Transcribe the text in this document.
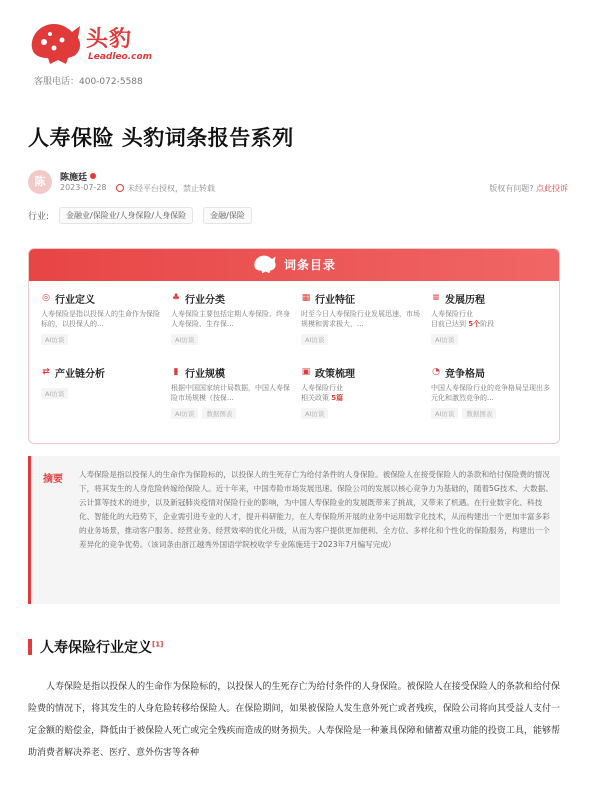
头豹
Leadleo.com
客服电话：400-072-5588
人寿保险 头豹词条报告系列
陈	陈施廷
2023-07-28	未经平台授权，禁止转载	版权有问题? 点此投诉
行业:	金融业/保险业/人身保险/人身保险	金融/保险
词条目录
◎ 行业定义
人寿保险是指以投保人的生命作为保险标的，以投保人的...
AI访谈
♣ 行业分类
人寿保险主要包括定期人寿保险、终身人寿保险、生存保...
AI访谈
▦ 行业特征
时至今日人寿保险行业发展迅速，市场规模和需求极大，...
AI访谈
≡ 发展历程
人寿保险行业
目前已达到 5个阶段
AI访谈
⇄ 产业链分析
AI访谈
▮ 行业规模
根据中国国家统计局数据，中国人寿保险市场规模（按保...
AI访谈	数据图表
▣ 政策梳理
人寿保险行业
相关政策 5篇
AI访谈
◔ 竞争格局
中国人寿保险行业的竞争格局呈现出多元化和激烈竞争的...
AI访谈	数据图表
摘要 人寿保险是指以投保人的生命作为保险标的，以投保人的生死存亡为给付条件的人身保险。被保险人在接受保险人的条款和给付保险费的情况下，将其发生的人身危险转嫁给保险人。近十年来，中国寿险市场发展迅速。保险公司的发展以核心竞争力为基础的，随着5G技术、大数据、云计算等技术的进步，以及新冠肺炎疫情对保险行业的影响，为中国人寿保险业的发展既带来了挑战，又带来了机遇。在行业数字化、科技化、智能化的大趋势下，企业需引进专业的人才，提升科研能力，在人寿保险所开展的业务中运用数字化技术，从而构建出一个更加丰富多彩的业务场景，推动客户服务、经营业务、经营效率的优化升级，从而为客户提供更加便利、全方位、多样化和个性化的保险服务，构建出一个差异化的竞争优势。（该词条由浙江越秀外国语学院校收学专业陈施廷于2023年7月编写完成）
人寿保险行业定义[1]
人寿保险是指以投保人的生命作为保险标的，以投保人的生死存亡为给付条件的人身保险。被保险人在接受保险人的条款和给付保险费的情况下，将其发生的人身危险转移给保险人。在保险期间，如果被保险人发生意外死亡或者残疾，保险公司将向其受益人支付一定金额的赔偿金，降低由于被保险人死亡或完全残疾而造成的财务损失。人寿保险是一种兼具保障和储蓄双重功能的投资工具，能够帮助消费者解决养老、医疗、意外伤害等各种
